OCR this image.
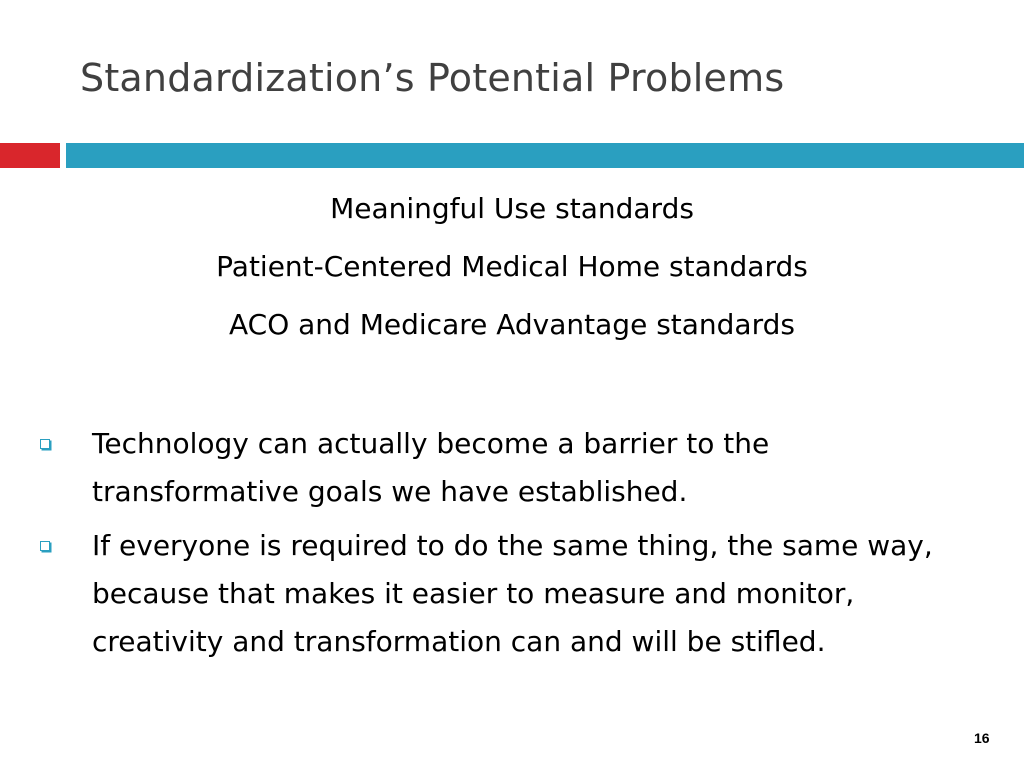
Standardization’s Potential Problems
Meaningful Use standards
Patient-Centered Medical Home standards
ACO and Medicare Advantage standards
Technology can actually become a barrier to the transformative goals we have established.
If everyone is required to do the same thing, the same way, because that makes it easier to measure and monitor, creativity and transformation can and will be stifled.
16
